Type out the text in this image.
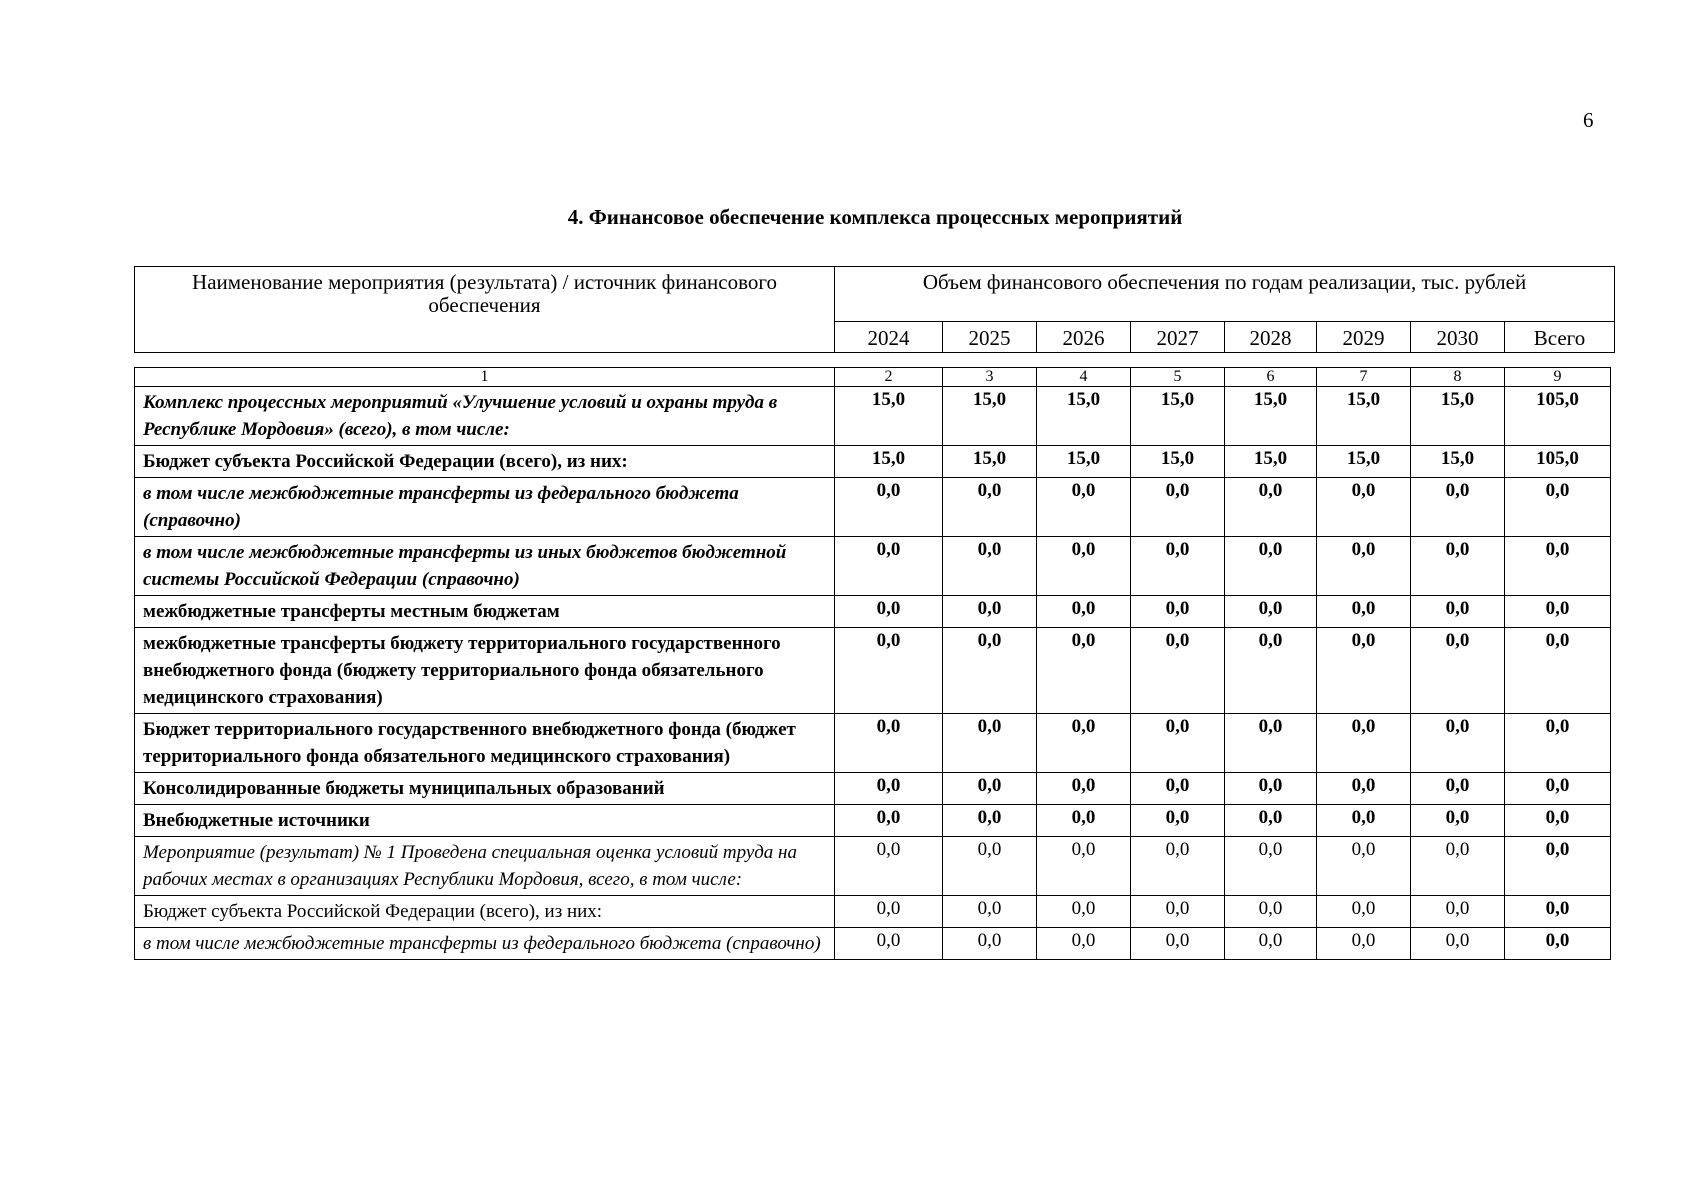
6
4. Финансовое обеспечение комплекса процессных мероприятий
Наименование мероприятия (результата) / источник финансового обеспечения	Объем финансового обеспечения по годам реализации, тыс. рублей							
	2024	2025	2026	2027	2028	2029	2030	Всего
1	2	3	4	5	6	7	8	9
Комплекс процессных мероприятий «Улучшение условий и охраны труда в Республике Мордовия» (всего), в том числе:	15,0	15,0	15,0	15,0	15,0	15,0	15,0	105,0
Бюджет субъекта Российской Федерации (всего), из них:	15,0	15,0	15,0	15,0	15,0	15,0	15,0	105,0
в том числе межбюджетные трансферты из федерального бюджета (справочно)	0,0	0,0	0,0	0,0	0,0	0,0	0,0	0,0
в том числе межбюджетные трансферты из иных бюджетов бюджетной системы Российской Федерации (справочно)	0,0	0,0	0,0	0,0	0,0	0,0	0,0	0,0
межбюджетные трансферты местным бюджетам	0,0	0,0	0,0	0,0	0,0	0,0	0,0	0,0
межбюджетные трансферты бюджету территориального государственного внебюджетного фонда (бюджету территориального фонда обязательного медицинского страхования)	0,0	0,0	0,0	0,0	0,0	0,0	0,0	0,0
Бюджет территориального государственного внебюджетного фонда (бюджет территориального фонда обязательного медицинского страхования)	0,0	0,0	0,0	0,0	0,0	0,0	0,0	0,0
Консолидированные бюджеты муниципальных образований	0,0	0,0	0,0	0,0	0,0	0,0	0,0	0,0
Внебюджетные источники	0,0	0,0	0,0	0,0	0,0	0,0	0,0	0,0
Мероприятие (результат) № 1 Проведена специальная оценка условий труда на рабочих местах в организациях Республики Мордовия, всего, в том числе:	0,0	0,0	0,0	0,0	0,0	0,0	0,0	0,0
Бюджет субъекта Российской Федерации (всего), из них:	0,0	0,0	0,0	0,0	0,0	0,0	0,0	0,0
в том числе межбюджетные трансферты из федерального бюджета (справочно)	0,0	0,0	0,0	0,0	0,0	0,0	0,0	0,0
